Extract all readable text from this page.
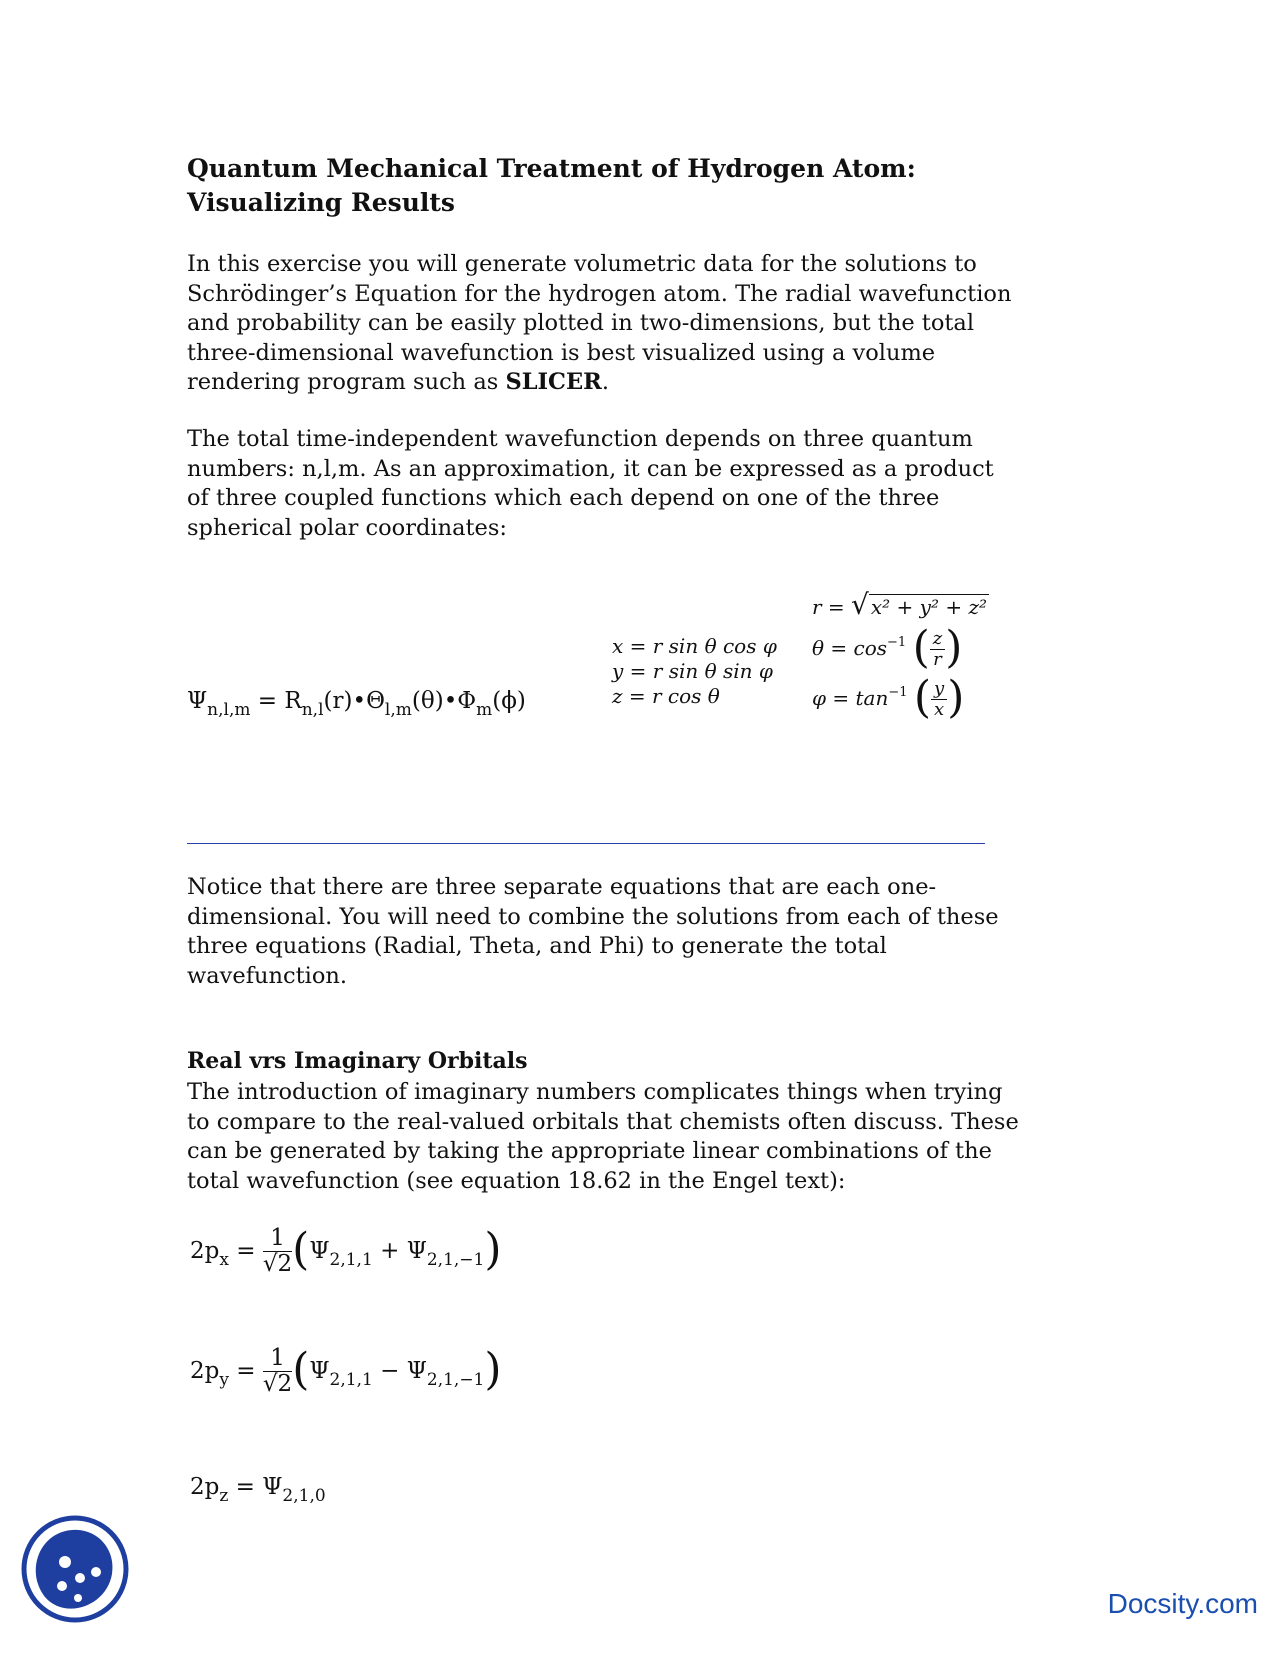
Quantum Mechanical Treatment of Hydrogen Atom:
Visualizing Results
In this exercise you will generate volumetric data for the solutions to
Schrödinger’s Equation for the hydrogen atom. The radial wavefunction
and probability can be easily plotted in two-dimensions, but the total
three-dimensional wavefunction is best visualized using a volume
rendering program such as SLICER.
The total time-independent wavefunction depends on three quantum
numbers: n,l,m. As an approximation, it can be expressed as a product
of three coupled functions which each depend on one of the three
spherical polar coordinates:
$\Psi_{n,l,m}$ = $R_{n,l}(r)•\Theta_{l,m}(\theta)•\Phi_m(\phi)$
x = r sin θ cos φ
y = r sin θ sin φ
z = r cos θ
r = √ x² + y² + z²
$\theta = \cos^{-1}$ ( $\frac{z}{r}$ )
$\varphi = \tan^{-1}$ ( $\frac{y}{x}$ )
Notice that there are three separate equations that are each one-
dimensional. You will need to combine the solutions from each of these
three equations (Radial, Theta, and Phi) to generate the total
wavefunction.
Real vrs Imaginary Orbitals
The introduction of imaginary numbers complicates things when trying
to compare to the real-valued orbitals that chemists often discuss. These
can be generated by taking the appropriate linear combinations of the
total wavefunction (see equation 18.62 in the Engel text):
$2p_x = \frac{1}{√2} (\Psi_{2,1,1} + \Psi_{2,1,-1})$
$2p_y = \frac{1}{√2} (\Psi_{2,1,1} - \Psi_{2,1,-1})$
$2p_z = \Psi_{2,1,0}$
Docsity.com
